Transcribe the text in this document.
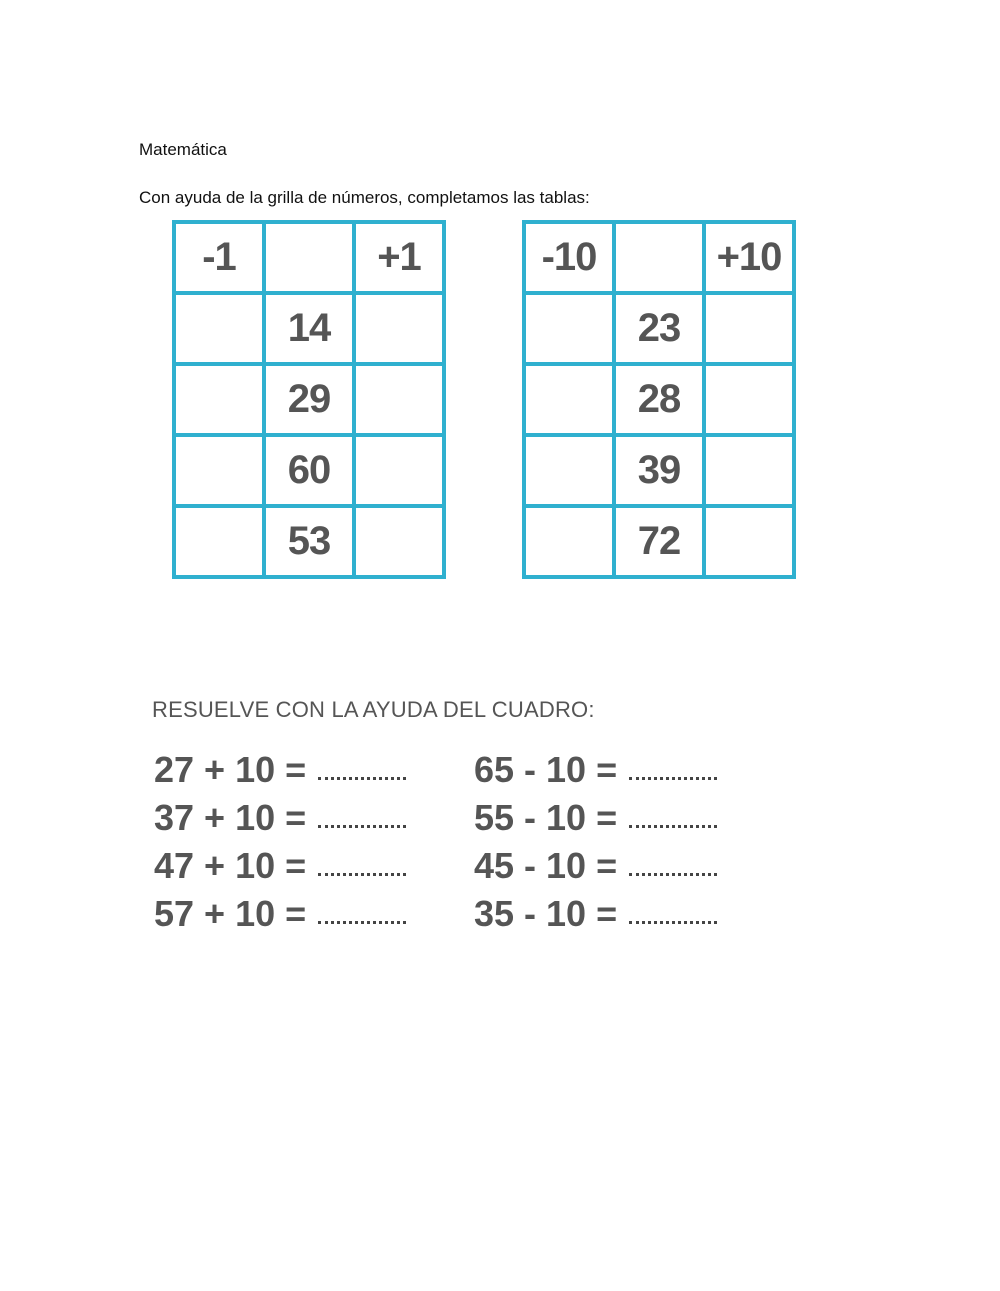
Matemática

Con ayuda de la grilla de números, completamos las tablas:

-1		+1
	14	
	29	
	60	
	53	
-10		+10
	23	
	28	
	39	
	72	

RESUELVE CON LA AYUDA DEL CUADRO:

27 + 10 =
37 + 10 =
47 + 10 =
57 + 10 =
65 - 10 =
55 - 10 =
45 - 10 =
35 - 10 =
